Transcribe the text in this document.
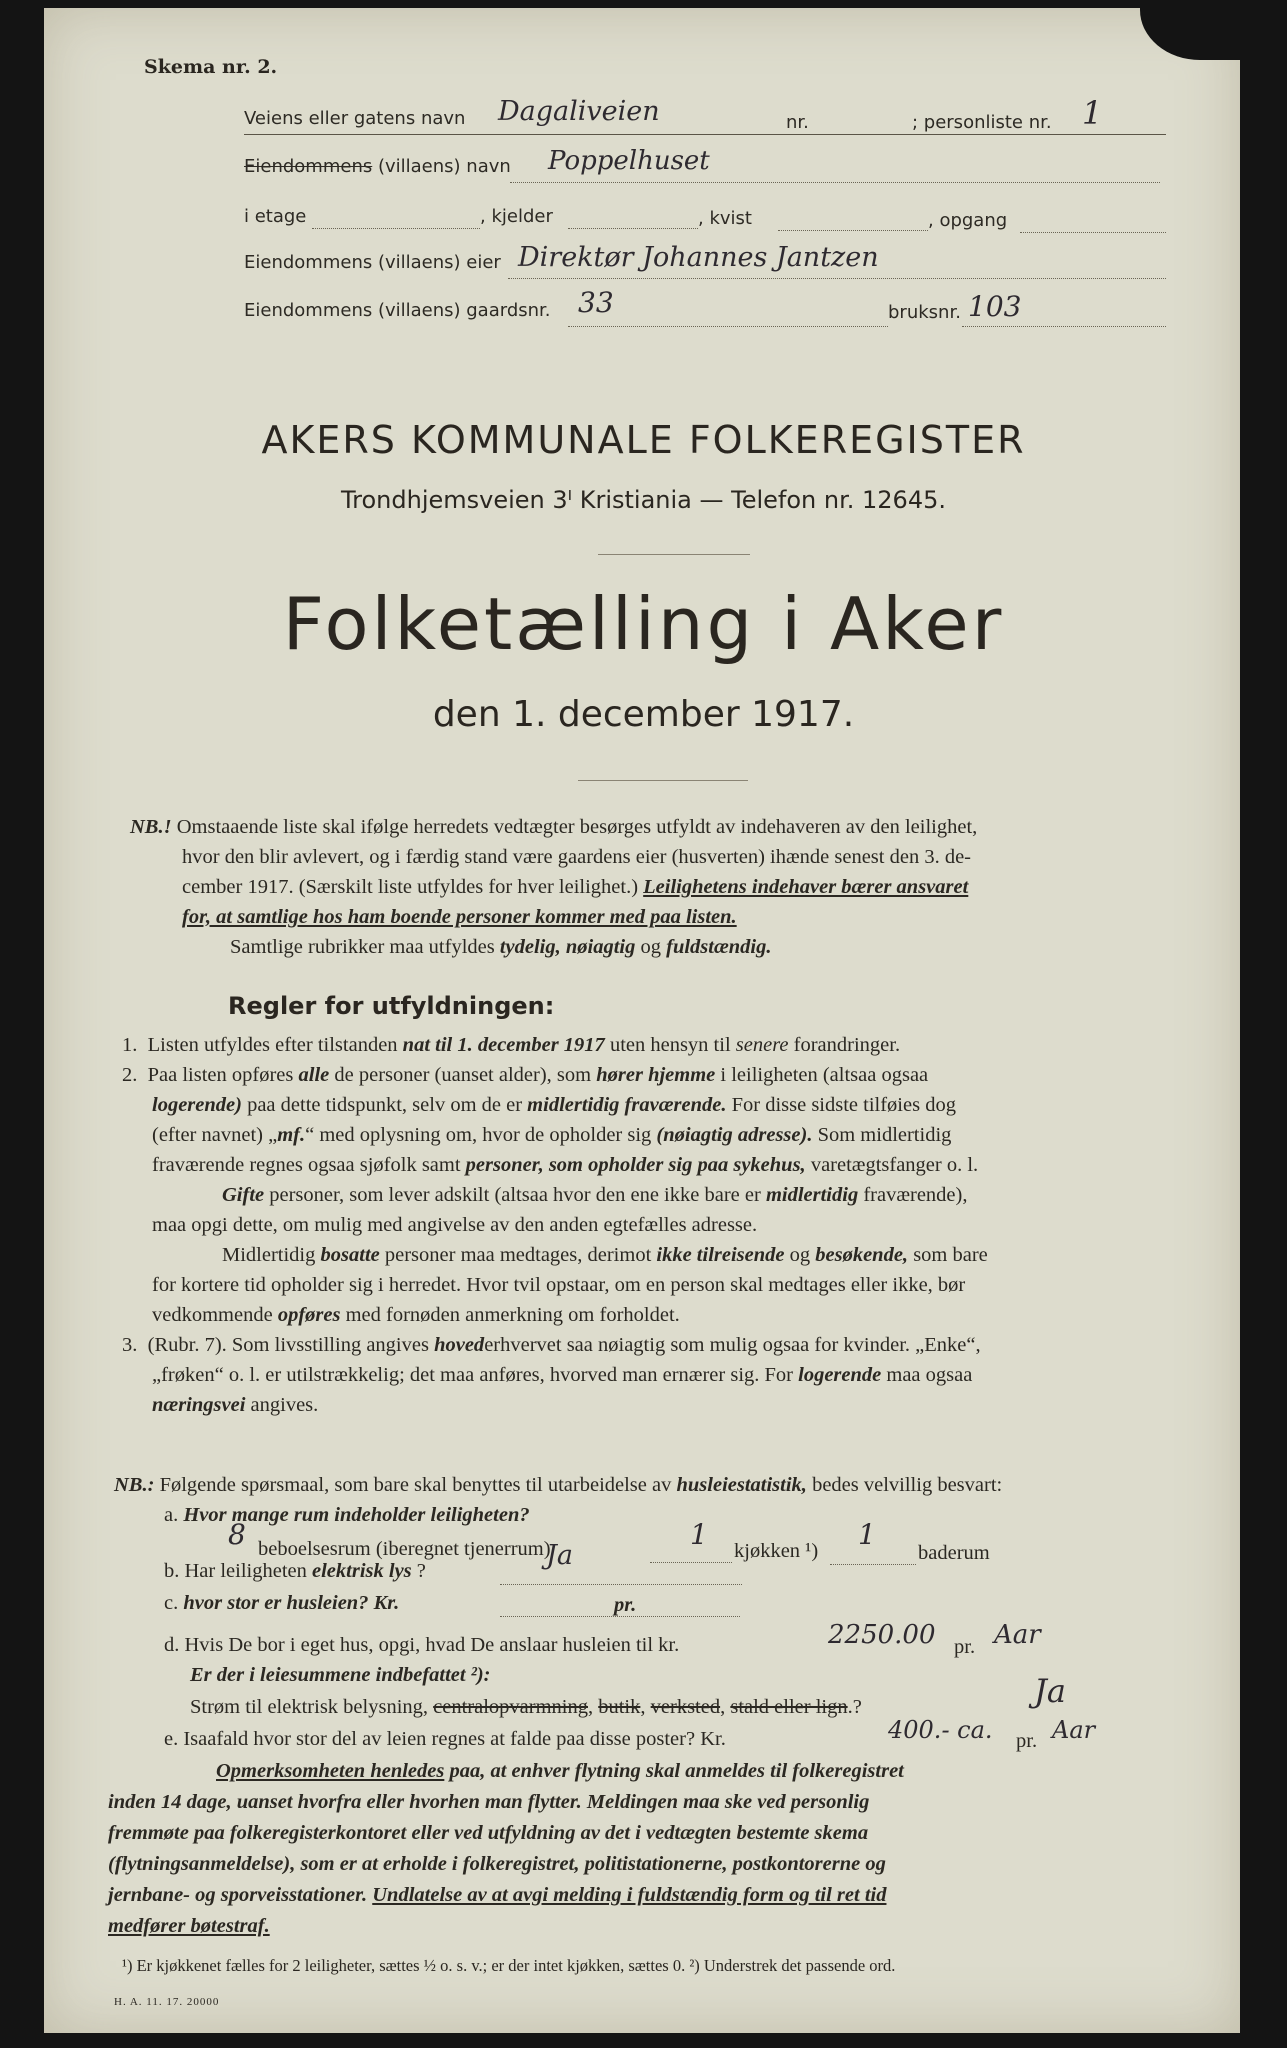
Skema nr. 2.
Veiens eller gatens navn Dagaliveien	nr.	; personliste nr. 1
Eiendommens (villaens) navn Poppelhuset
i etage	, kjelder	, kvist	, opgang
Eiendommens (villaens) eier Direktør Johannes Jantzen
Eiendommens (villaens) gaardsnr. 33	bruksnr. 103
AKERS KOMMUNALE FOLKEREGISTER
Trondhjemsveien 3ᴵ Kristiania — Telefon nr. 12645.
Folketælling i Aker
den 1. december 1917.
NB.! Omstaaende liste skal ifølge herredets vedtægter besørges utfyldt av indehaveren av den leilighet,
hvor den blir avlevert, og i færdig stand være gaardens eier (husverten) ihænde senest den 3. de-
cember 1917. (Særskilt liste utfyldes for hver leilighet.) Leilighetens indehaver bærer ansvaret
for, at samtlige hos ham boende personer kommer med paa listen.
Samtlige rubrikker maa utfyldes tydelig, nøiagtig og fuldstændig.
Regler for utfyldningen:
1. Listen utfyldes efter tilstanden nat til 1. december 1917 uten hensyn til senere forandringer.
2. Paa listen opføres alle de personer (uanset alder), som hører hjemme i leiligheten (altsaa ogsaa
logerende) paa dette tidspunkt, selv om de er midlertidig fraværende. For disse sidste tilføies dog
(efter navnet) „mf.“ med oplysning om, hvor de opholder sig (nøiagtig adresse). Som midlertidig
fraværende regnes ogsaa sjøfolk samt personer, som opholder sig paa sykehus, varetægtsfanger o. l.
Gifte personer, som lever adskilt (altsaa hvor den ene ikke bare er midlertidig fraværende),
maa opgi dette, om mulig med angivelse av den anden egtefælles adresse.
Midlertidig bosatte personer maa medtages, derimot ikke tilreisende og besøkende, som bare
for kortere tid opholder sig i herredet. Hvor tvil opstaar, om en person skal medtages eller ikke, bør
vedkommende opføres med fornøden anmerkning om forholdet.
3. (Rubr. 7). Som livsstilling angives hovederhvervet saa nøiagtig som mulig ogsaa for kvinder. „Enke“,
„frøken“ o. l. er utilstrækkelig; det maa anføres, hvorved man ernærer sig. For logerende maa ogsaa
næringsvei angives.
NB.: Følgende spørsmaal, som bare skal benyttes til utarbeidelse av husleiestatistik, bedes velvillig besvart:
a. Hvor mange rum indeholder leiligheten?
8 beboelsesrum (iberegnet tjenerrum)	1 kjøkken ¹) 1
baderum
b. Har leiligheten elektrisk lys ?	Ja
c. hvor stor er husleien? Kr.	pr.
d. Hvis De bor i eget hus, opgi, hvad De anslaar husleien til kr.	2250.00 pr. Aar
Er der i leiesummene indbefattet ²):
Strøm til elektrisk belysning, centralopvarmning, butik, verksted, stald eller lign.?	Ja
e. Isaafald hvor stor del av leien regnes at falde paa disse poster? Kr.	400.- ca. pr. Aar
Opmerksomheten henledes paa, at enhver flytning skal anmeldes til folkeregistret
inden 14 dage, uanset hvorfra eller hvorhen man flytter. Meldingen maa ske ved personlig
fremmøte paa folkeregisterkontoret eller ved utfyldning av det i vedtægten bestemte skema
(flytningsanmeldelse), som er at erholde i folkeregistret, politistationerne, postkontorerne og
jernbane- og sporveisstationer. Undlatelse av at avgi melding i fuldstændig form og til ret tid
medfører bøtestraf.
¹) Er kjøkkenet fælles for 2 leiligheter, sættes ½ o. s. v.; er der intet kjøkken, sættes 0. ²) Understrek det passende ord.
H. A. 11. 17. 20000
